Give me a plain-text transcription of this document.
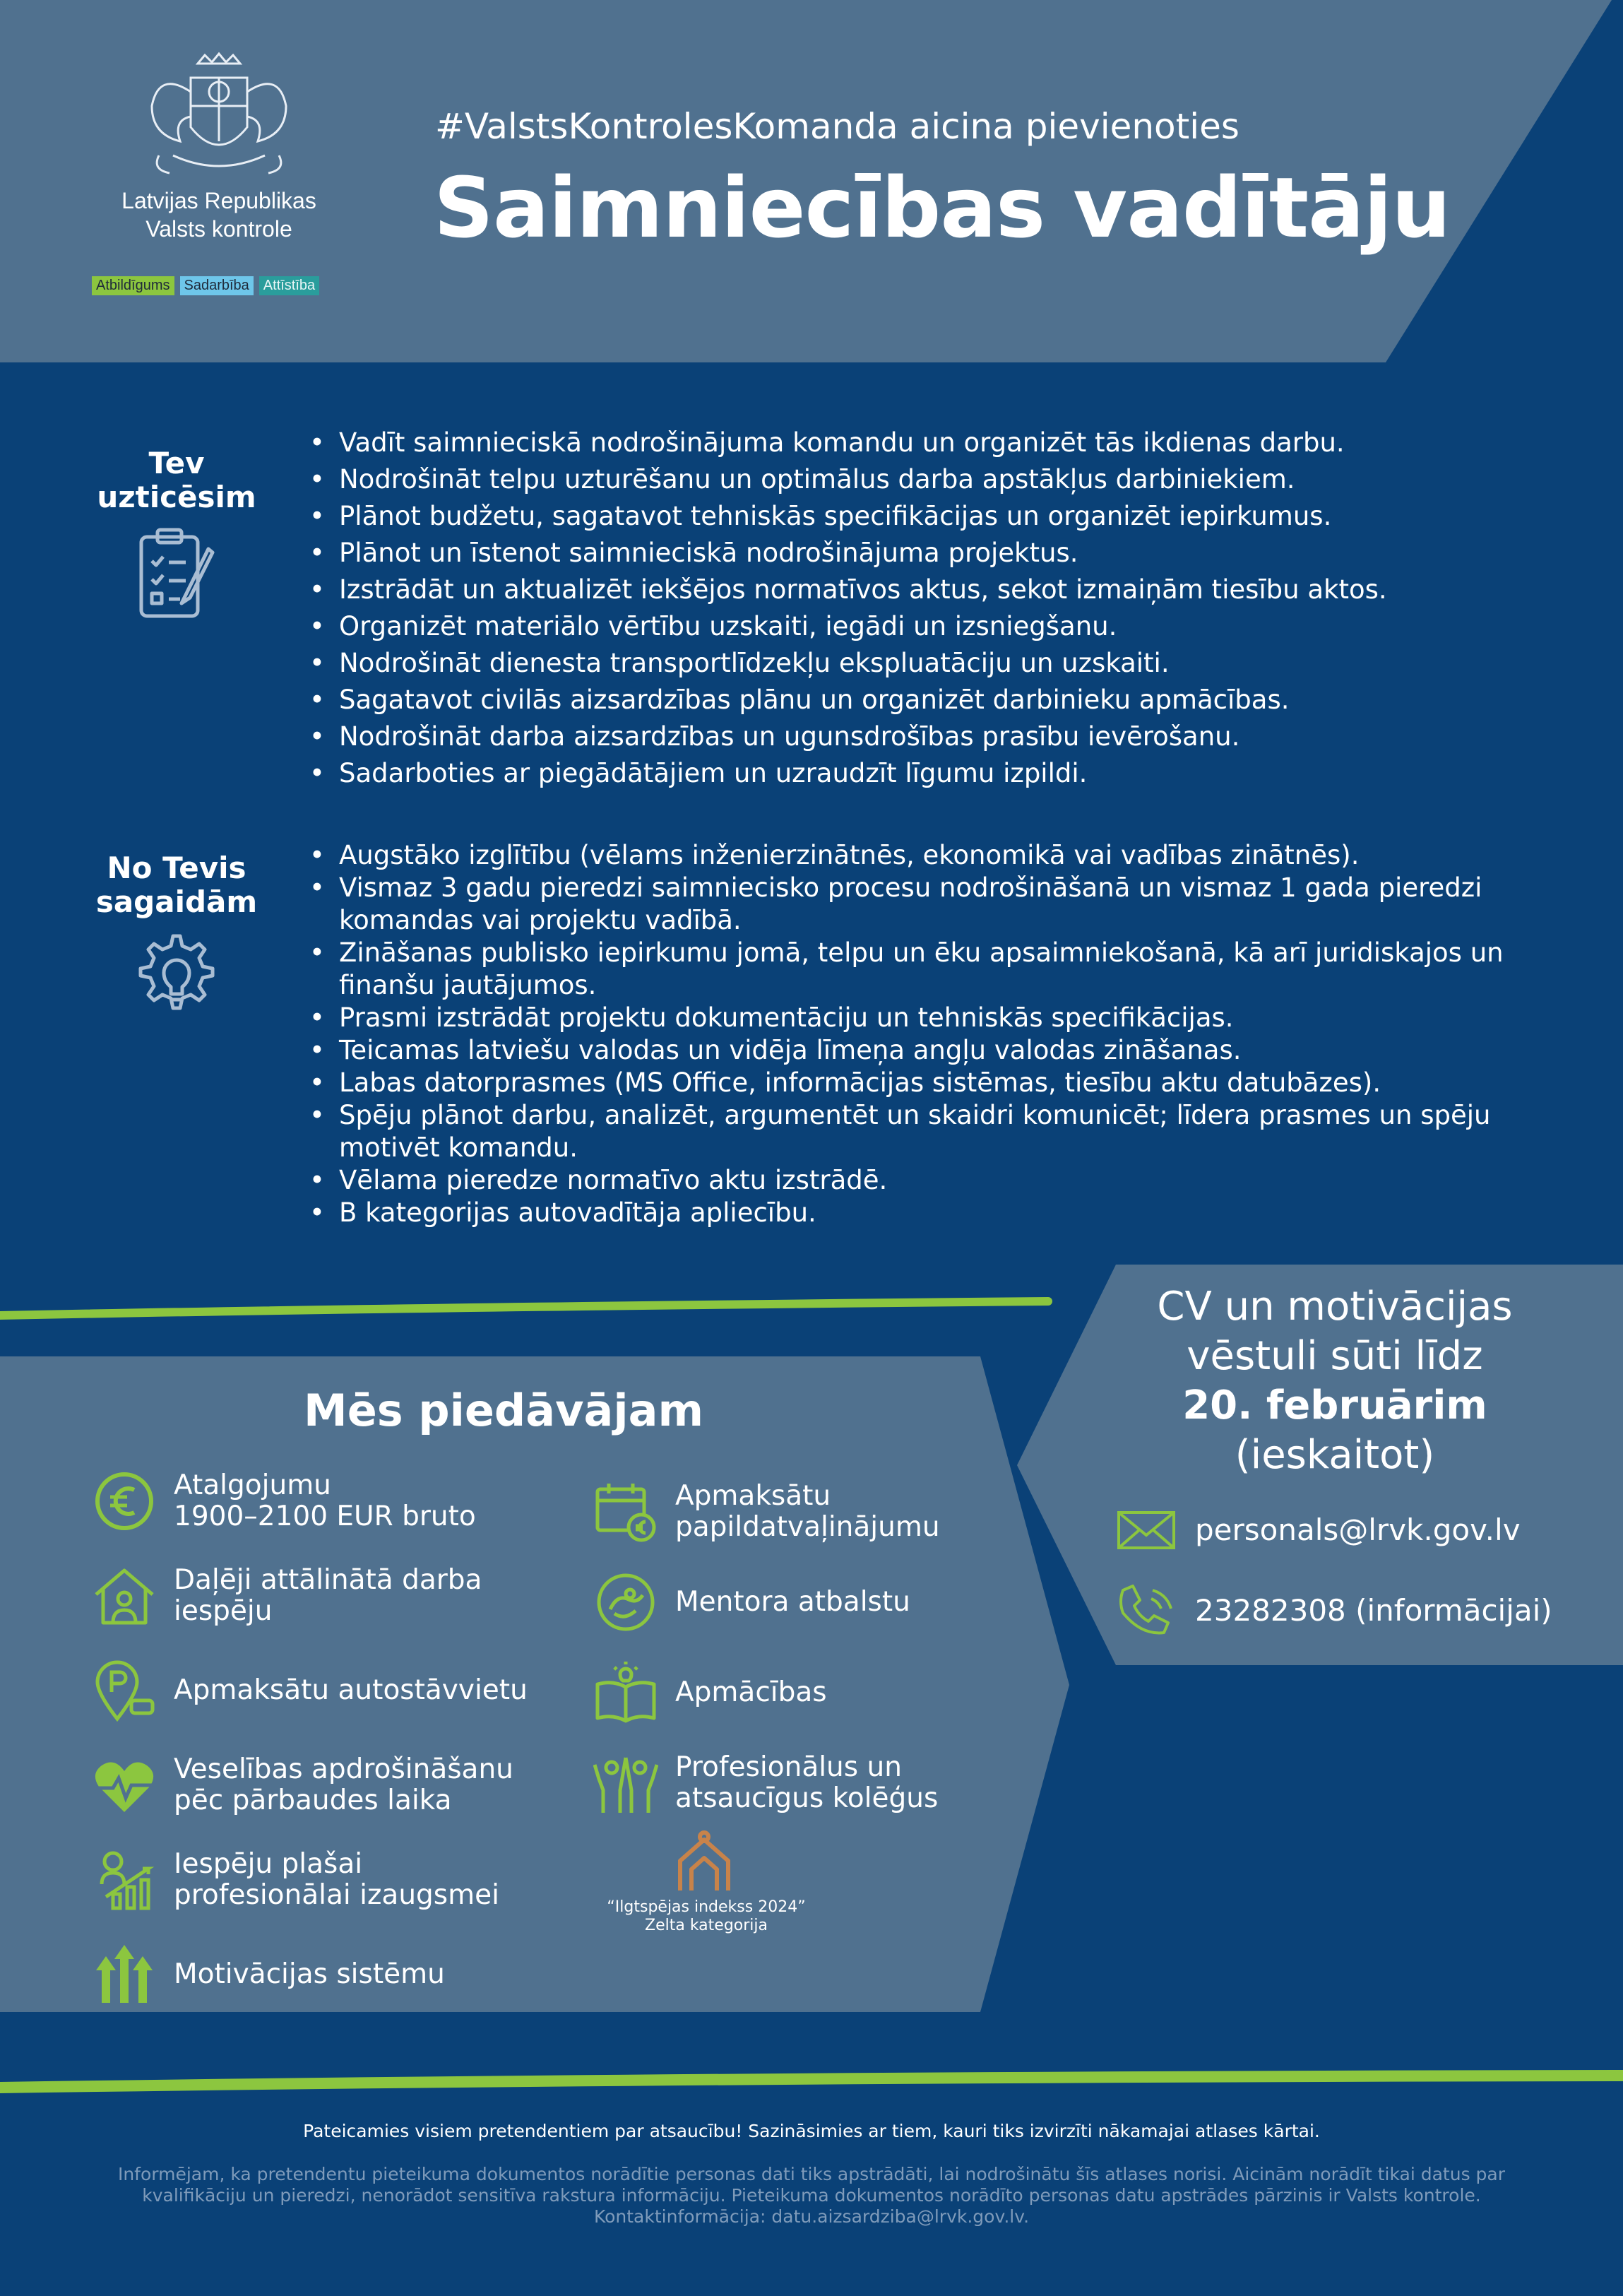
Latvijas Republikas
Valsts kontrole
Atbildīgums	Sadarbība	Attīstība
#ValstsKontrolesKomanda aicina pievienoties
Saimniecības vadītāju
Tev
uzticēsim
• Vadīt saimnieciskā nodrošinājuma komandu un organizēt tās ikdienas darbu.
• Nodrošināt telpu uzturēšanu un optimālus darba apstākļus darbiniekiem.
• Plānot budžetu, sagatavot tehniskās specifikācijas un organizēt iepirkumus.
• Plānot un īstenot saimnieciskā nodrošinājuma projektus.
• Izstrādāt un aktualizēt iekšējos normatīvos aktus, sekot izmaiņām tiesību aktos.
• Organizēt materiālo vērtību uzskaiti, iegādi un izsniegšanu.
• Nodrošināt dienesta transportlīdzekļu ekspluatāciju un uzskaiti.
• Sagatavot civilās aizsardzības plānu un organizēt darbinieku apmācības.
• Nodrošināt darba aizsardzības un ugunsdrošības prasību ievērošanu.
• Sadarboties ar piegādātājiem un uzraudzīt līgumu izpildi.
No Tevis
sagaidām
• Augstāko izglītību (vēlams inženierzinātnēs, ekonomikā vai vadības zinātnēs).
• Vismaz 3 gadu pieredzi saimniecisko procesu nodrošināšanā un vismaz 1 gada pieredzi komandas vai projektu vadībā.
• Zināšanas publisko iepirkumu jomā, telpu un ēku apsaimniekošanā, kā arī juridiskajos un finanšu jautājumos.
• Prasmi izstrādāt projektu dokumentāciju un tehniskās specifikācijas.
• Teicamas latviešu valodas un vidēja līmeņa angļu valodas zināšanas.
• Labas datorprasmes (MS Office, informācijas sistēmas, tiesību aktu datubāzes).
• Spēju plānot darbu, analizēt, argumentēt un skaidri komunicēt; līdera prasmes un spēju motivēt komandu.
• Vēlama pieredze normatīvo aktu izstrādē.
• B kategorijas autovadītāja apliecību.
Mēs piedāvājam
Atalgojumu
1900–2100 EUR bruto
Daļēji attālinātā darba
iespēju
Apmaksātu autostāvvietu
Veselības apdrošināšanu
pēc pārbaudes laika
Iespēju plašai
profesionālai izaugsmei
Motivācijas sistēmu
Apmaksātu
papildatvaļinājumu
Mentora atbalstu
Apmācības
Profesionālus un
atsaucīgus kolēģus
“Ilgtspējas indekss 2024”
Zelta kategorija
CV un motivācijas
vēstuli sūti līdz
20. februārim
(ieskaitot)
personals@lrvk.gov.lv
23282308 (informācijai)
Pateicamies visiem pretendentiem par atsaucību! Sazināsimies ar tiem, kauri tiks izvirzīti nākamajai atlases kārtai.
Informējam, ka pretendentu pieteikuma dokumentos norādītie personas dati tiks apstrādāti, lai nodrošinātu šīs atlases norisi. Aicinām norādīt tikai datus par kvalifikāciju un pieredzi, nenorādot sensitīva rakstura informāciju. Pieteikuma dokumentos norādīto personas datu apstrādes pārzinis ir Valsts kontrole. Kontaktinformācija: datu.aizsardziba@lrvk.gov.lv.
